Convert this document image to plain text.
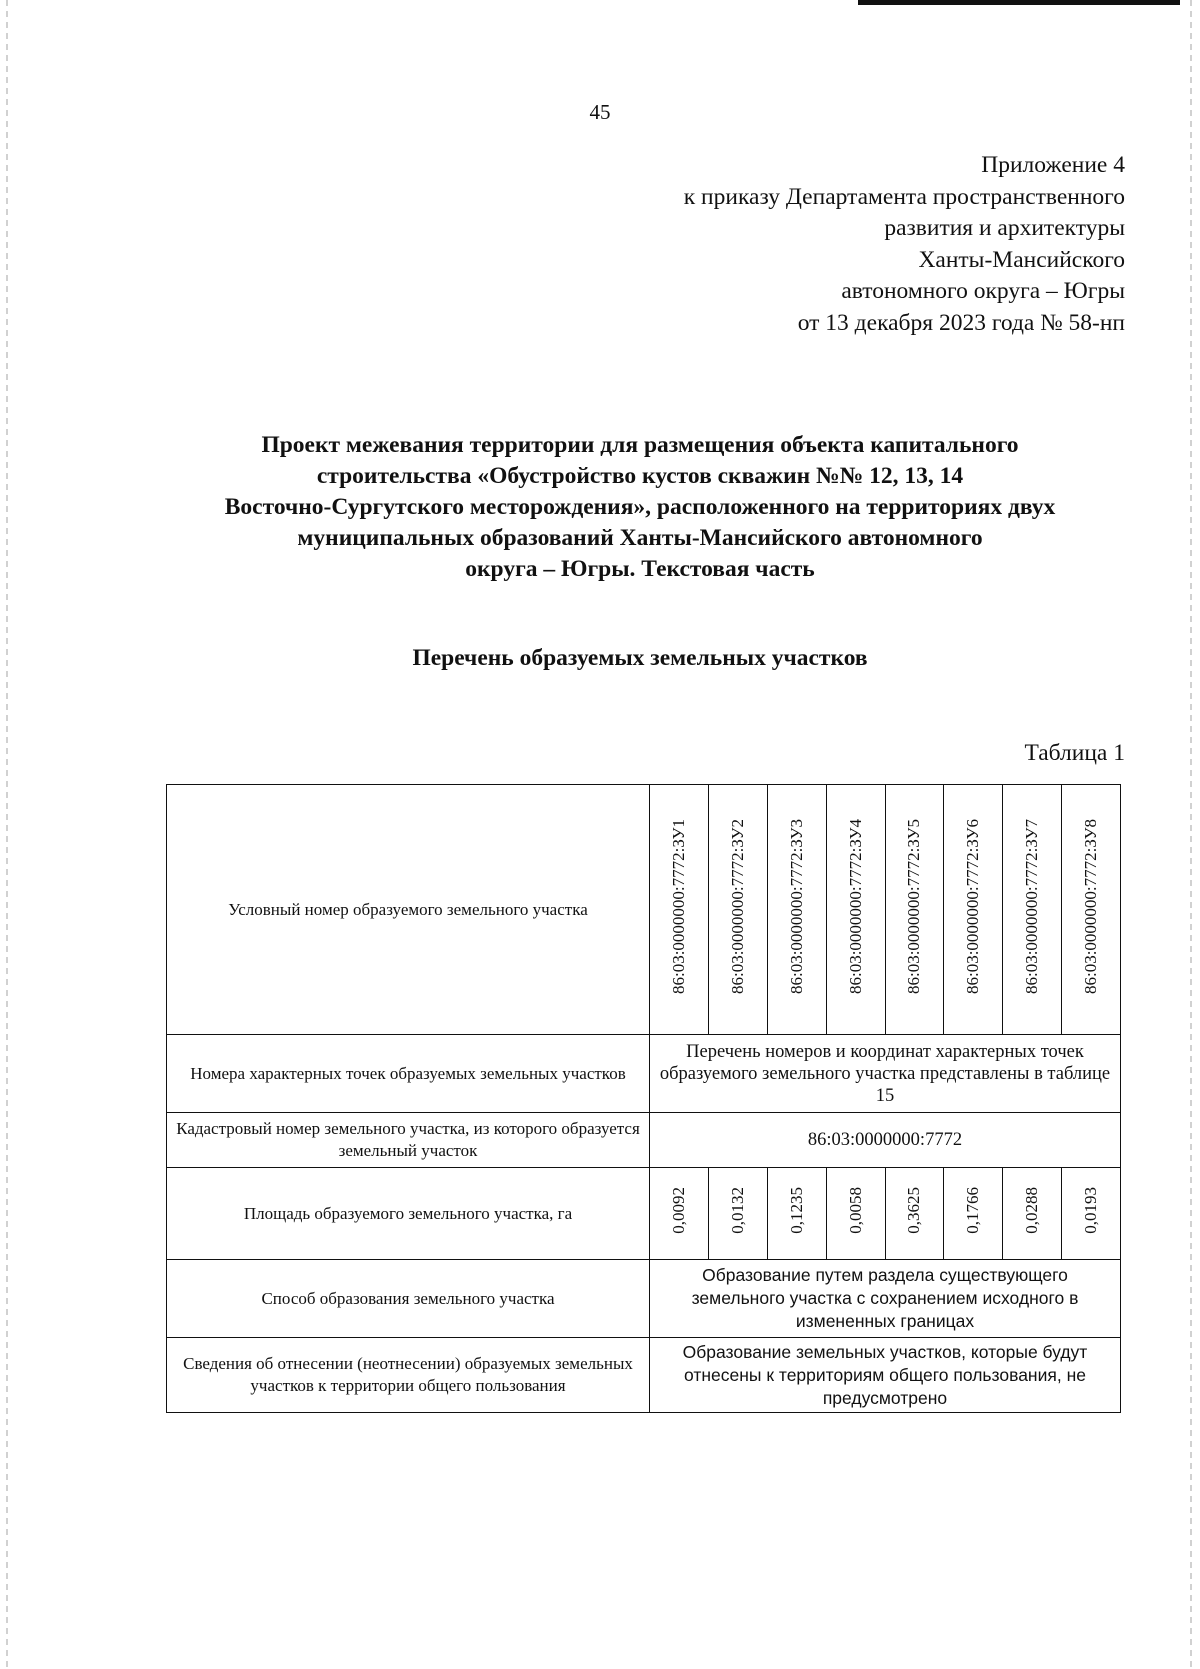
45
Приложение 4
к приказу Департамента пространственного
развития и архитектуры
Ханты-Мансийского
автономного округа – Югры
от 13 декабря 2023 года № 58-нп
Проект межевания территории для размещения объекта капитального
строительства «Обустройство кустов скважин №№ 12, 13, 14
Восточно-Сургутского месторождения», расположенного на территориях двух
муниципальных образований Ханты-Мансийского автономного
округа – Югры. Текстовая часть
Перечень образуемых земельных участков
Таблица 1
Условный номер образуемого земельного участка	86:03:0000000:7772:ЗУ1	86:03:0000000:7772:ЗУ2	86:03:0000000:7772:ЗУ3	86:03:0000000:7772:ЗУ4	86:03:0000000:7772:ЗУ5	86:03:0000000:7772:ЗУ6	86:03:0000000:7772:ЗУ7	86:03:0000000:7772:ЗУ8
Номера характерных точек образуемых земельных участков	Перечень номеров и координат характерных точек образуемого земельного участка представлены в таблице 15							
Кадастровый номер земельного участка, из которого образуется земельный участок	86:03:0000000:7772							
Площадь образуемого земельного участка, га	0,0092	0,0132	0,1235	0,0058	0,3625	0,1766	0,0288	0,0193
Способ образования земельного участка	Образование путем раздела существующего земельного участка с сохранением исходного в измененных границах							
Сведения об отнесении (неотнесении) образуемых земельных участков к территории общего пользования	Образование земельных участков, которые будут отнесены к территориям общего пользования, не предусмотрено							
